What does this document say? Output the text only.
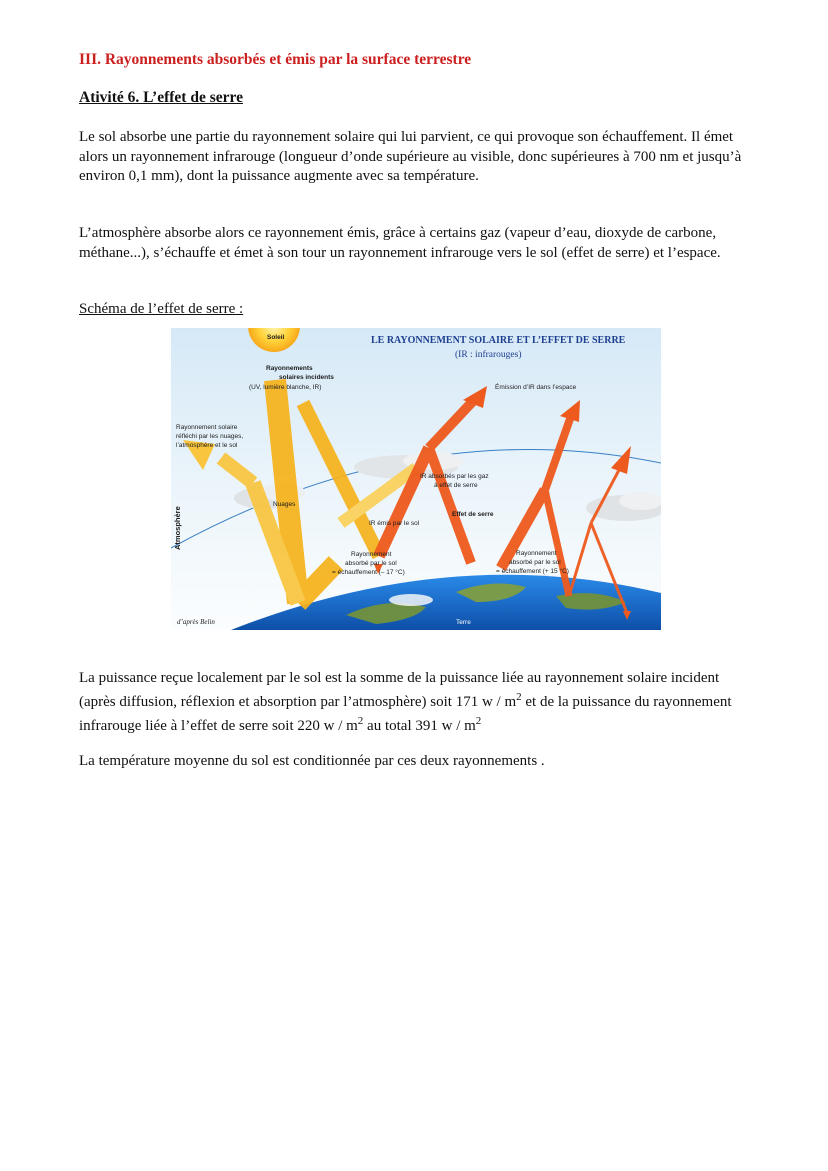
III. Rayonnements absorbés et émis par la surface terrestre
Ativité 6. L’effet de serre

Le sol absorbe une partie du rayonnement solaire qui lui parvient, ce qui provoque son échauffement. Il émet alors un rayonnement infrarouge (longueur d’onde supérieure au visible, donc supérieures à 700 nm et jusqu’à environ 0,1 mm), dont la puissance augmente avec sa température.

L’atmosphère absorbe alors ce rayonnement émis, grâce à certains gaz (vapeur d’eau, dioxyde de carbone, méthane...), s’échauffe et émet à son tour un rayonnement infrarouge vers le sol (effet de serre) et l’espace.

Schéma de l’effet de serre :
LE RAYONNEMENT SOLAIRE ET L’EFFET DE SERRE
(IR : infrarouges)
Soleil
Rayonnements
solaires incidents
(UV, lumière blanche, IR)
Rayonnement solaire
réfléchi par les nuages,
l’atmosphère et le sol
Atmosphère
Nuages
IR émis par le sol
IR absorbés par les gaz
à effet de serre
Effet de serre
Émission d’IR dans l’espace
Rayonnement
absorbé par le sol
= échauffement (– 17 °C)
Rayonnement
absorbé par le sol
= échauffement (+ 15 °C)
Terre
d’après Belin

La puissance reçue localement par le sol est la somme de la puissance liée au rayonnement solaire incident (après diffusion, réflexion et absorption par l’atmosphère) soit 171 w / $m^2$ et de la puissance du rayonnement infrarouge liée à l’effet de serre soit 220 w / $m^2$ au total 391 w / $m^2$

La température moyenne du sol est conditionnée par ces deux rayonnements .
